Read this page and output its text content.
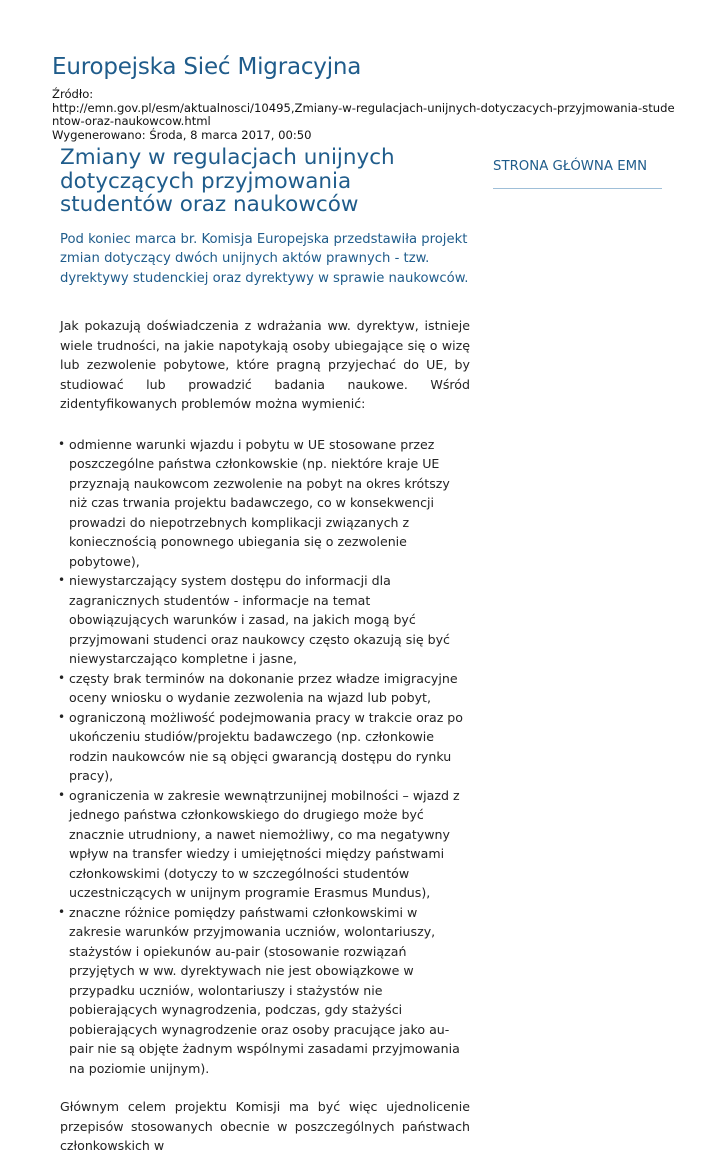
Europejska Sieć Migracyjna
Źródło:
http://emn.gov.pl/esm/aktualnosci/10495,Zmiany-w-regulacjach-unijnych-dotyczacych-przyjmowania-stude
ntow-oraz-naukowcow.html
Wygenerowano: Środa, 8 marca 2017, 00:50
Zmiany w regulacjach unijnych dotyczących przyjmowania studentów oraz naukowców

Pod koniec marca br. Komisja Europejska przedstawiła projekt zmian dotyczący dwóch unijnych aktów prawnych - tzw. dyrektywy studenckiej oraz dyrektywy w sprawie naukowców.

Jak pokazują doświadczenia z wdrażania ww. dyrektyw, istnieje wiele trudności, na jakie napotykają osoby ubiegające się o wizę lub zezwolenie pobytowe, które pragną przyjechać do UE, by studiować lub prowadzić badania naukowe. Wśród zidentyfikowanych problemów można wymienić:

• odmienne warunki wjazdu i pobytu w UE stosowane przez poszczególne państwa członkowskie (np. niektóre kraje UE przyznają naukowcom zezwolenie na pobyt na okres krótszy niż czas trwania projektu badawczego, co w konsekwencji prowadzi do niepotrzebnych komplikacji związanych z koniecznością ponownego ubiegania się o zezwolenie pobytowe),
• niewystarczający system dostępu do informacji dla zagranicznych studentów - informacje na temat obowiązujących warunków i zasad, na jakich mogą być przyjmowani studenci oraz naukowcy często okazują się być niewystarczająco kompletne i jasne,
• częsty brak terminów na dokonanie przez władze imigracyjne oceny wniosku o wydanie zezwolenia na wjazd lub pobyt,
• ograniczoną możliwość podejmowania pracy w trakcie oraz po ukończeniu studiów/projektu badawczego (np. członkowie rodzin naukowców nie są objęci gwarancją dostępu do rynku pracy),
• ograniczenia w zakresie wewnątrzunijnej mobilności – wjazd z jednego państwa członkowskiego do drugiego może być znacznie utrudniony, a nawet niemożliwy, co ma negatywny wpływ na transfer wiedzy i umiejętności między państwami członkowskimi (dotyczy to w szczególności studentów uczestniczących w unijnym programie Erasmus Mundus),
• znaczne różnice pomiędzy państwami członkowskimi w zakresie warunków przyjmowania uczniów, wolontariuszy, stażystów i opiekunów au-pair (stosowanie rozwiązań przyjętych w ww. dyrektywach nie jest obowiązkowe w przypadku uczniów, wolontariuszy i stażystów nie pobierających wynagrodzenia, podczas, gdy stażyści pobierających wynagrodzenie oraz osoby pracujące jako au-pair nie są objęte żadnym wspólnymi zasadami przyjmowania na poziomie unijnym).

Głównym celem projektu Komisji ma być więc ujednolicenie przepisów stosowanych obecnie w poszczególnych państwach członkowskich w

STRONA GŁÓWNA EMN
